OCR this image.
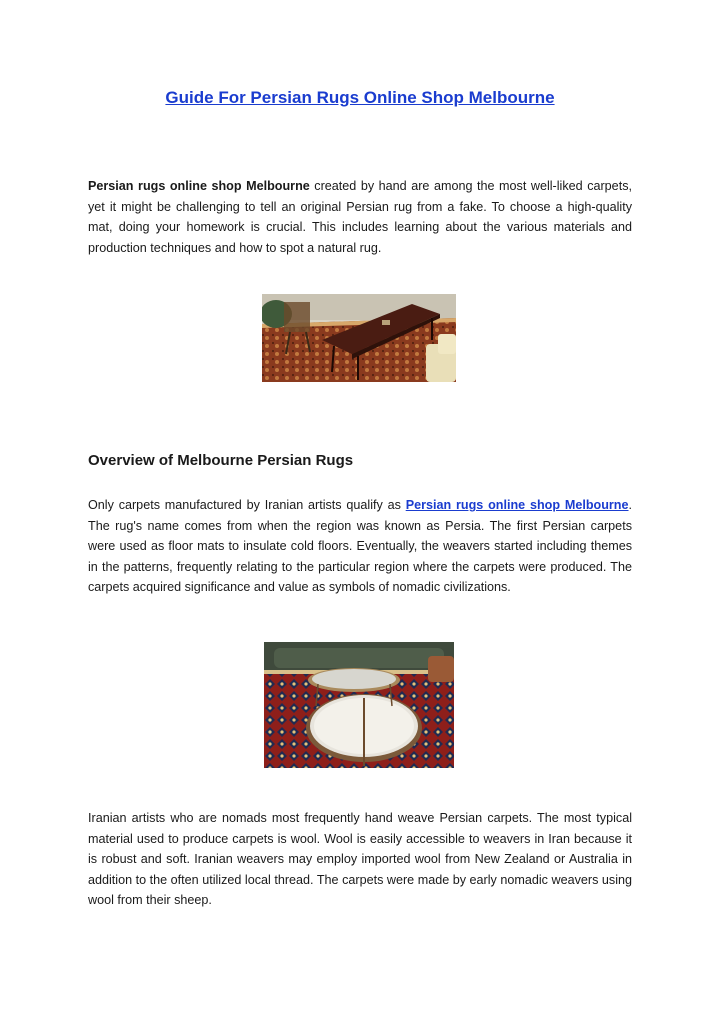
Guide For Persian Rugs Online Shop Melbourne

Persian rugs online shop Melbourne created by hand are among the most well-liked carpets, yet it might be challenging to tell an original Persian rug from a fake. To choose a high-quality mat, doing your homework is crucial. This includes learning about the various materials and production techniques and how to spot a natural rug.

Overview of Melbourne Persian Rugs

Only carpets manufactured by Iranian artists qualify as Persian rugs online shop Melbourne. The rug's name comes from when the region was known as Persia. The first Persian carpets were used as floor mats to insulate cold floors. Eventually, the weavers started including themes in the patterns, frequently relating to the particular region where the carpets were produced. The carpets acquired significance and value as symbols of nomadic civilizations.

Iranian artists who are nomads most frequently hand weave Persian carpets. The most typical material used to produce carpets is wool. Wool is easily accessible to weavers in Iran because it is robust and soft. Iranian weavers may employ imported wool from New Zealand or Australia in addition to the often utilized local thread. The carpets were made by early nomadic weavers using wool from their sheep.
